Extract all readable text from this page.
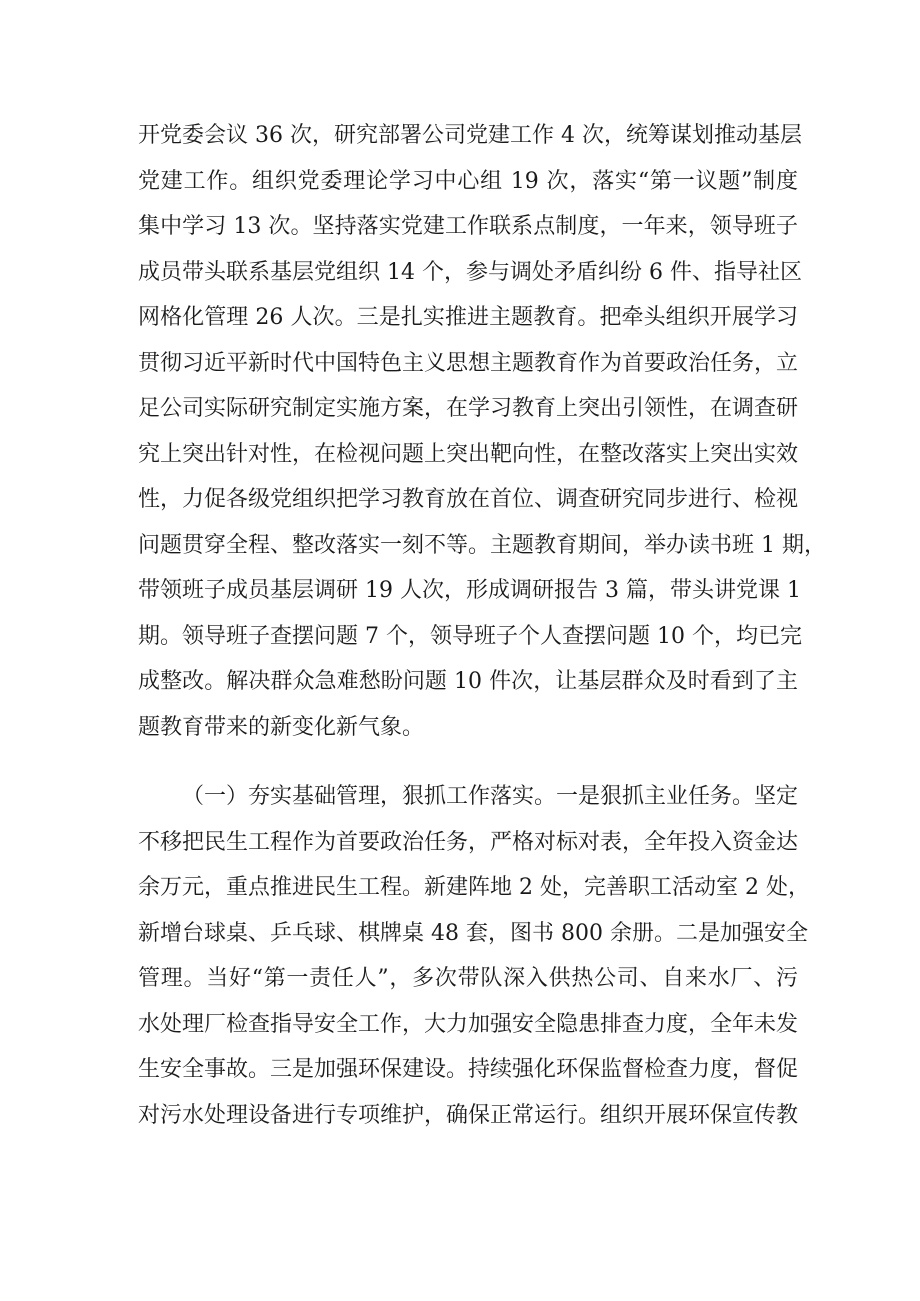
开党委会议 36 次，研究部署公司党建工作 4 次，统筹谋划推动基层
党建工作。组织党委理论学习中心组 19 次，落实“第一议题”制度
集中学习 13 次。坚持落实党建工作联系点制度，一年来，领导班子
成员带头联系基层党组织 14 个，参与调处矛盾纠纷 6 件、指导社区
网格化管理 26 人次。三是扎实推进主题教育。把牵头组织开展学习
贯彻习近平新时代中国特色主义思想主题教育作为首要政治任务，立
足公司实际研究制定实施方案，在学习教育上突出引领性，在调查研
究上突出针对性，在检视问题上突出靶向性，在整改落实上突出实效
性，力促各级党组织把学习教育放在首位、调查研究同步进行、检视
问题贯穿全程、整改落实一刻不等。主题教育期间，举办读书班 1 期，
带领班子成员基层调研 19 人次，形成调研报告 3 篇，带头讲党课 1
期。领导班子查摆问题 7 个，领导班子个人查摆问题 10 个，均已完
成整改。解决群众急难愁盼问题 10 件次，让基层群众及时看到了主
题教育带来的新变化新气象。

（一）夯实基础管理，狠抓工作落实。一是狠抓主业任务。坚定
不移把民生工程作为首要政治任务，严格对标对表，全年投入资金达
余万元，重点推进民生工程。新建阵地 2 处，完善职工活动室 2 处，
新增台球桌、乒乓球、棋牌桌 48 套，图书 800 余册。二是加强安全
管理。当好“第一责任人”，多次带队深入供热公司、自来水厂、污
水处理厂检查指导安全工作，大力加强安全隐患排查力度，全年未发
生安全事故。三是加强环保建设。持续强化环保监督检查力度，督促
对污水处理设备进行专项维护，确保正常运行。组织开展环保宣传教
